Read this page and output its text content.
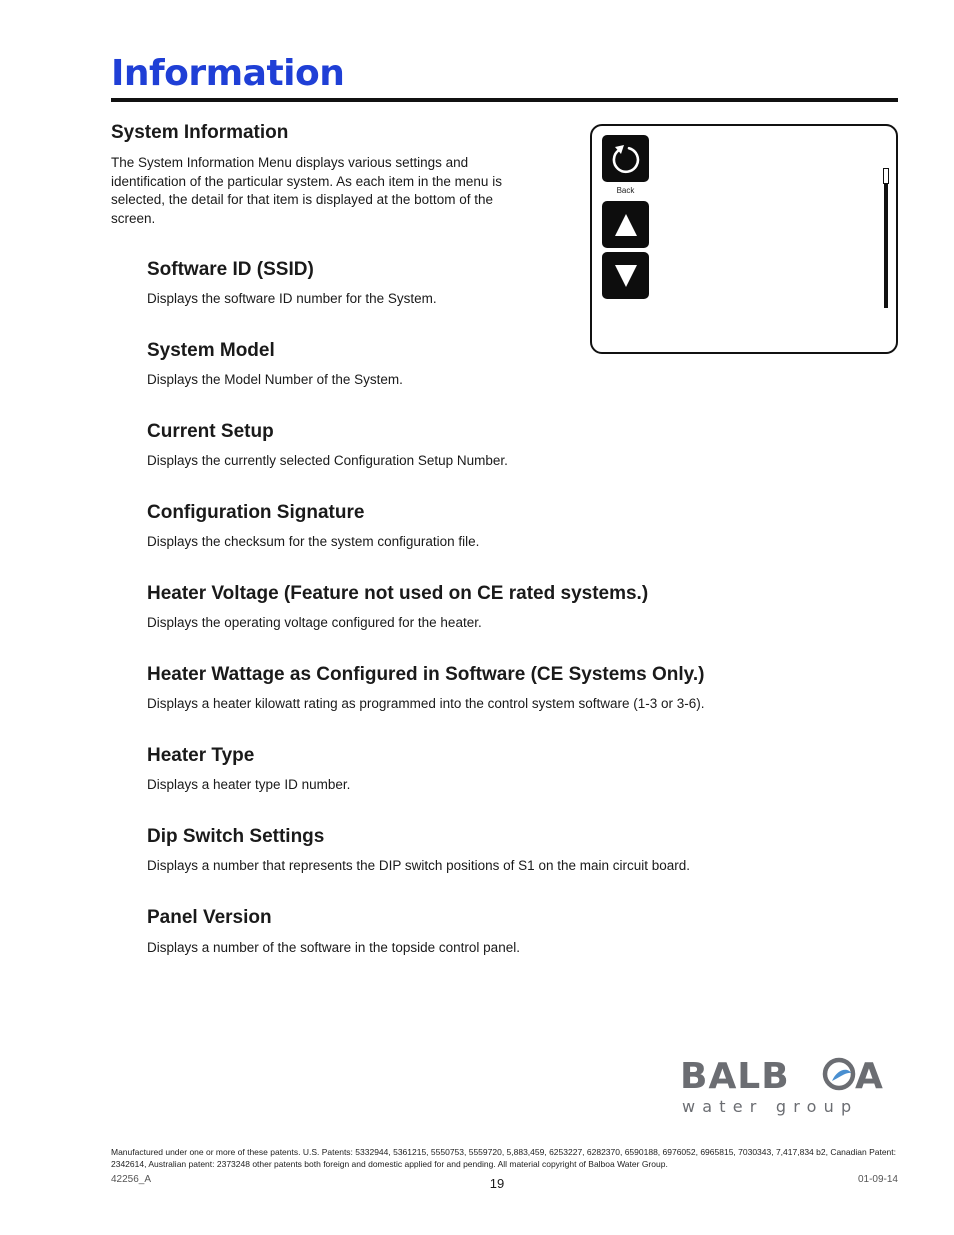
Information
System Information

The System Information Menu displays various settings and identification of the particular system. As each item in the menu is selected, the detail for that item is displayed at the bottom of the screen.

Software ID (SSID)

Displays the software ID number for the System.

System Model

Displays the Model Number of the System.

Current Setup

Displays the currently selected Configuration Setup Number.

Configuration Signature

Displays the checksum for the system configuration file.

Heater Voltage (Feature not used on CE rated systems.)

Displays the operating voltage configured for the heater.

Heater Wattage as Configured in Software (CE Systems Only.)

Displays a heater kilowatt rating as programmed into the control system software (1-3 or 3-6).

Heater Type

Displays a heater type ID number.

Dip Switch Settings

Displays a number that represents the DIP switch positions of S1 on the main circuit board.

Panel Version

Displays a number of the software in the topside control panel.

Back
BALB A
water group

Manufactured under one or more of these patents. U.S. Patents: 5332944, 5361215, 5550753, 5559720, 5,883,459, 6253227, 6282370, 6590188, 6976052, 6965815, 7030343, 7,417,834 b2, Canadian Patent: 2342614, Australian patent: 2373248 other patents both foreign and domestic applied for and pending. All material copyright of Balboa Water Group.

42256_A	19	01-09-14
